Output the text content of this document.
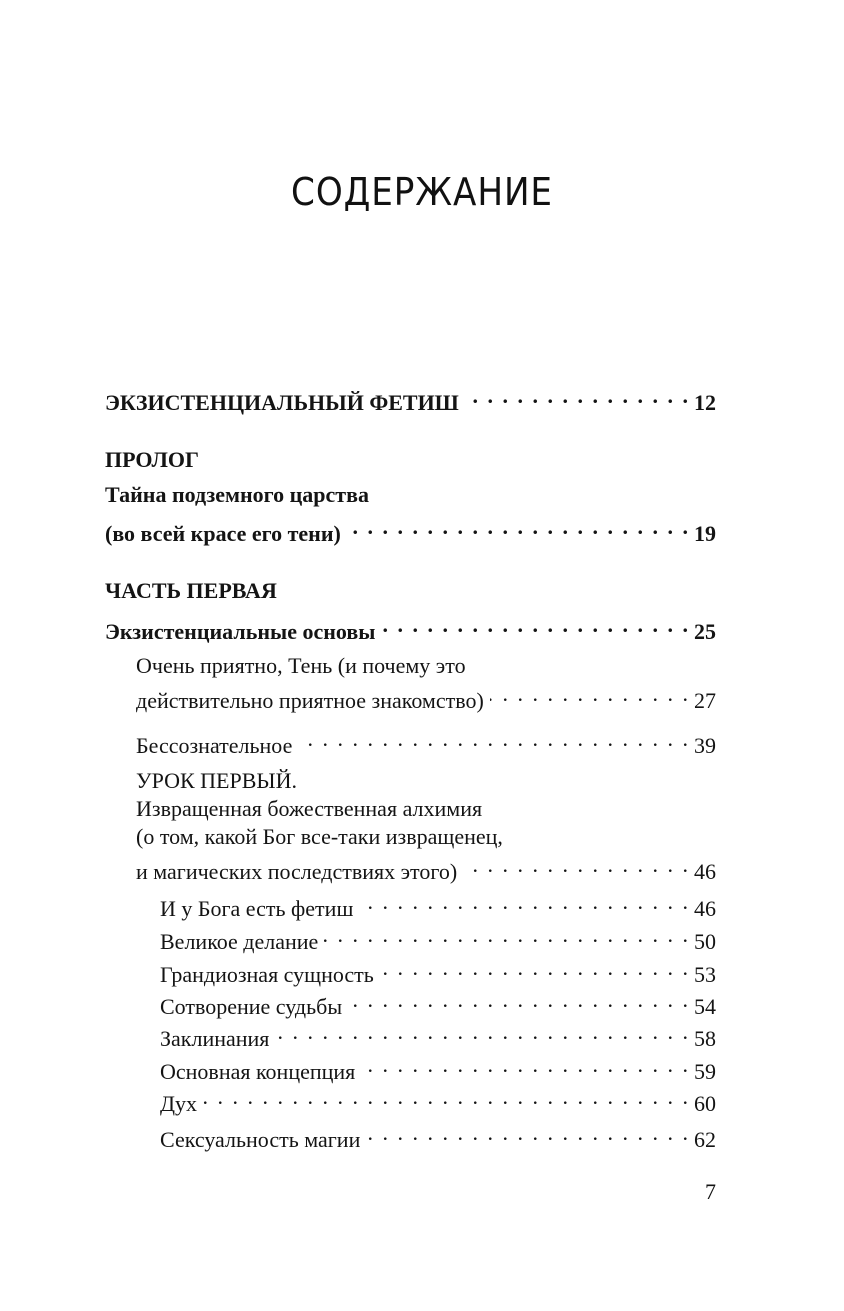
СОДЕРЖАНИЕ
ЭКЗИСТЕНЦИАЛЬНЫЙ ФЕТИШ . . .	12
ПРОЛОГ
Тайна подземного царства
(во всей красе его тени) . . .	19
ЧАСТЬ ПЕРВАЯ
Экзистенциальные основы . . .	25
Очень приятно, Тень (и почему это
действительно приятное знакомство) . . .	27
Бессознательное . . .	39
УРОК ПЕРВЫЙ.
Извращенная божественная алхимия
(о том, какой Бог все-таки извращенец,
и магических последствиях этого) . . .	46
И у Бога есть фетиш . . .	46
Великое делание . . .	50
Грандиозная сущность . . .	53
Сотворение судьбы . . .	54
Заклинания . . .	58
Основная концепция . . .	59
Дух . . .	60
Сексуальность магии . . .	62
7
